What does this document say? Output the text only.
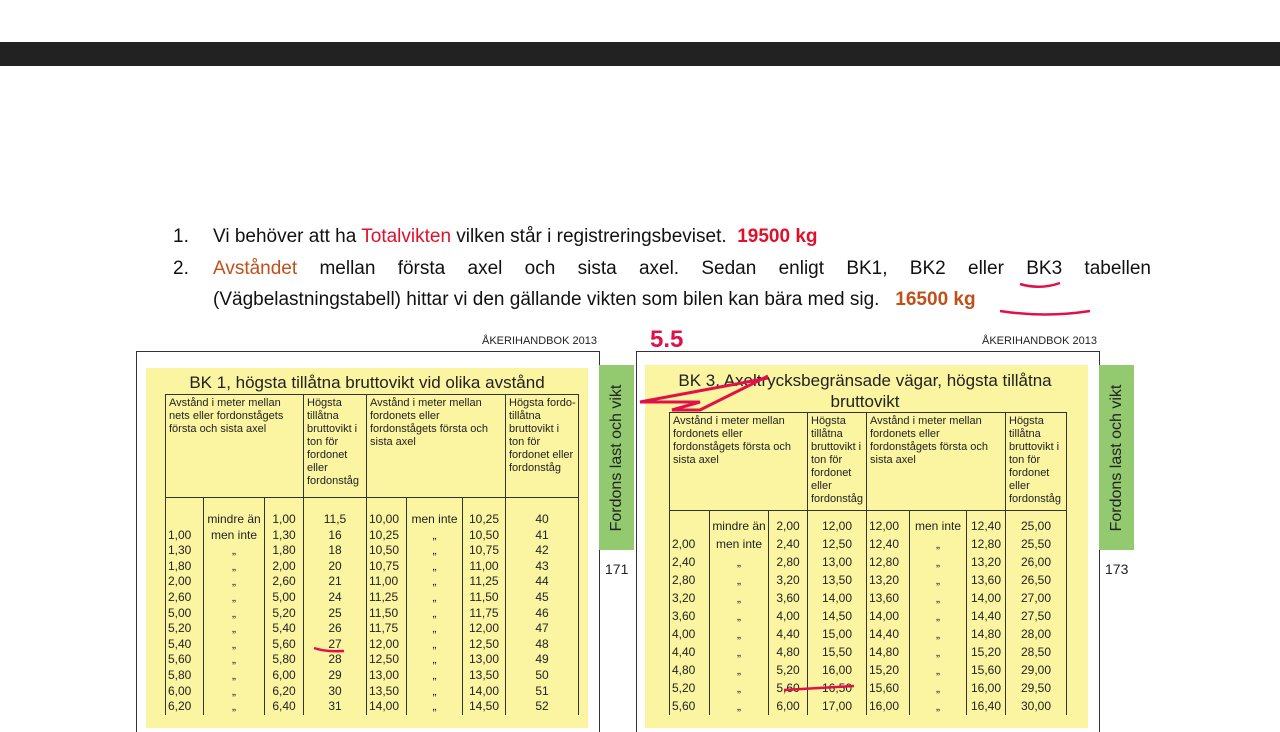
1. Vi behöver att ha Totalvikten vilken står i registreringsbeviset. 19500 kg
2. Avståndet mellan första axel och sista axel. Sedan enligt BK1, BK2 eller BK3 tabellen
(Vägbelastningstabell) hittar vi den gällande vikten som bilen kan bära med sig. 16500 kg
ÅKERIHANDBOK 2013
BK 1, högsta tillåtna bruttovikt vid olika avstånd
Avstånd i meter mellan nets eller fordonstågets första och sista axel			Högsta tillåtna bruttovikt i ton för fordonet eller fordonståg	Avstånd i meter mellan fordonets eller fordonstågets första och sista axel			Högsta fordo- tillåtna bruttovikt i ton för fordonet eller fordonståg
	mindre än	1,00	11,5	10,00	men inte	10,25	40
1,00	men inte	1,30	16	10,25	„	10,50	41
1,30	„	1,80	18	10,50	„	10,75	42
1,80	„	2,00	20	10,75	„	11,00	43
2,00	„	2,60	21	11,00	„	11,25	44
2,60	„	5,00	24	11,25	„	11,50	45
5,00	„	5,20	25	11,50	„	11,75	46
5,20	„	5,40	26	11,75	„	12,00	47
5,40	„	5,60	27	12,00	„	12,50	48
5,60	„	5,80	28	12,50	„	13,00	49
5,80	„	6,00	29	13,00	„	13,50	50
6,00	„	6,20	30	13,50	„	14,00	51
6,20	„	6,40	31	14,00	„	14,50	52
Fordons last och vikt
171
ÅKERIHANDBOK 2013
BK 3, Axeltrycksbegränsade vägar, högsta tillåtna bruttovikt
Avstånd i meter mellan fordonets eller fordonstågets första och sista axel			Högsta tillåtna bruttovikt i ton för fordonet eller fordonståg	Avstånd i meter mellan fordonets eller fordonstågets första och sista axel			Högsta tillåtna bruttovikt i ton för fordonet eller fordonståg
	mindre än	2,00	12,00	12,00	men inte	12,40	25,00
2,00	men inte	2,40	12,50	12,40	„	12,80	25,50
2,40	„	2,80	13,00	12,80	„	13,20	26,00
2,80	„	3,20	13,50	13,20	„	13,60	26,50
3,20	„	3,60	14,00	13,60	„	14,00	27,00
3,60	„	4,00	14,50	14,00	„	14,40	27,50
4,00	„	4,40	15,00	14,40	„	14,80	28,00
4,40	„	4,80	15,50	14,80	„	15,20	28,50
4,80	„	5,20	16,00	15,20	„	15,60	29,00
5,20	„	5,60	16,50	15,60	„	16,00	29,50
5,60	„	6,00	17,00	16,00	„	16,40	30,00
Fordons last och vikt
173
5.5
